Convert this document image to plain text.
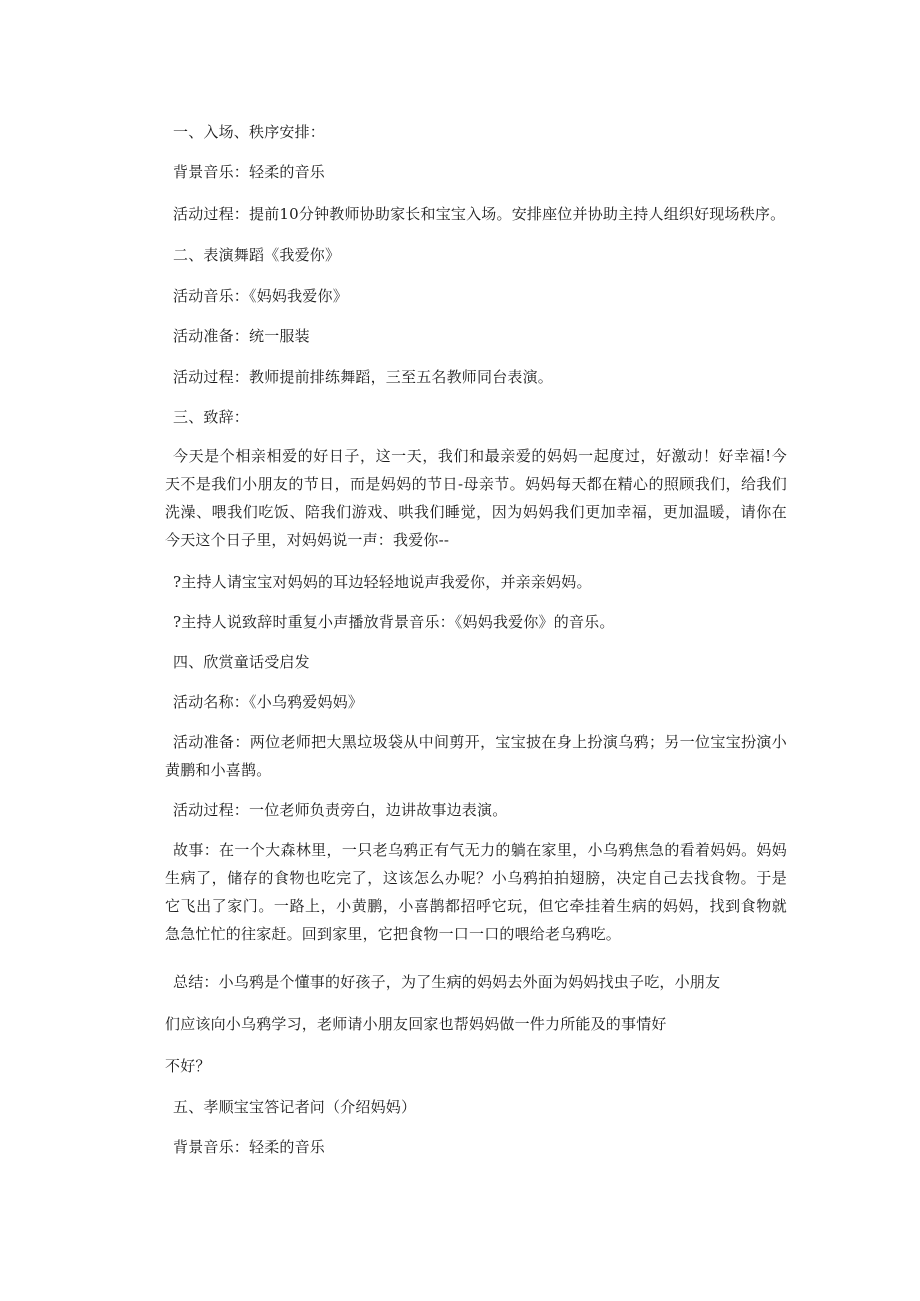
一、入场、秩序安排：
背景音乐：轻柔的音乐
活动过程：提前10分钟教师协助家长和宝宝入场。安排座位并协助主持人组织好现场秩序。
二、表演舞蹈《我爱你》
活动音乐：《妈妈我爱你》
活动准备：统一服装
活动过程：教师提前排练舞蹈，三至五名教师同台表演。
三、致辞：
今天是个相亲相爱的好日子，这一天，我们和最亲爱的妈妈一起度过，好激动！好幸福!今天不是我们小朋友的节日，而是妈妈的节日-母亲节。妈妈每天都在精心的照顾我们，给我们洗澡、喂我们吃饭、陪我们游戏、哄我们睡觉，因为妈妈我们更加幸福，更加温暖，请你在今天这个日子里，对妈妈说一声：我爱你--
?主持人请宝宝对妈妈的耳边轻轻地说声我爱你，并亲亲妈妈。
?主持人说致辞时重复小声播放背景音乐：《妈妈我爱你》的音乐。
四、欣赏童话受启发
活动名称：《小乌鸦爱妈妈》
活动准备：两位老师把大黑垃圾袋从中间剪开，宝宝披在身上扮演乌鸦；另一位宝宝扮演小黄鹏和小喜鹊。
活动过程：一位老师负责旁白，边讲故事边表演。
故事：在一个大森林里，一只老乌鸦正有气无力的躺在家里，小乌鸦焦急的看着妈妈。妈妈生病了，储存的食物也吃完了，这该怎么办呢？小乌鸦拍拍翅膀，决定自己去找食物。于是它飞出了家门。一路上，小黄鹏，小喜鹊都招呼它玩，但它牵挂着生病的妈妈，找到食物就急急忙忙的往家赶。回到家里，它把食物一口一口的喂给老乌鸦吃。
总结：小乌鸦是个懂事的好孩子，为了生病的妈妈去外面为妈妈找虫子吃，小朋友
们应该向小乌鸦学习，老师请小朋友回家也帮妈妈做一件力所能及的事情好
不好？
五、孝顺宝宝答记者问（介绍妈妈）
背景音乐：轻柔的音乐
